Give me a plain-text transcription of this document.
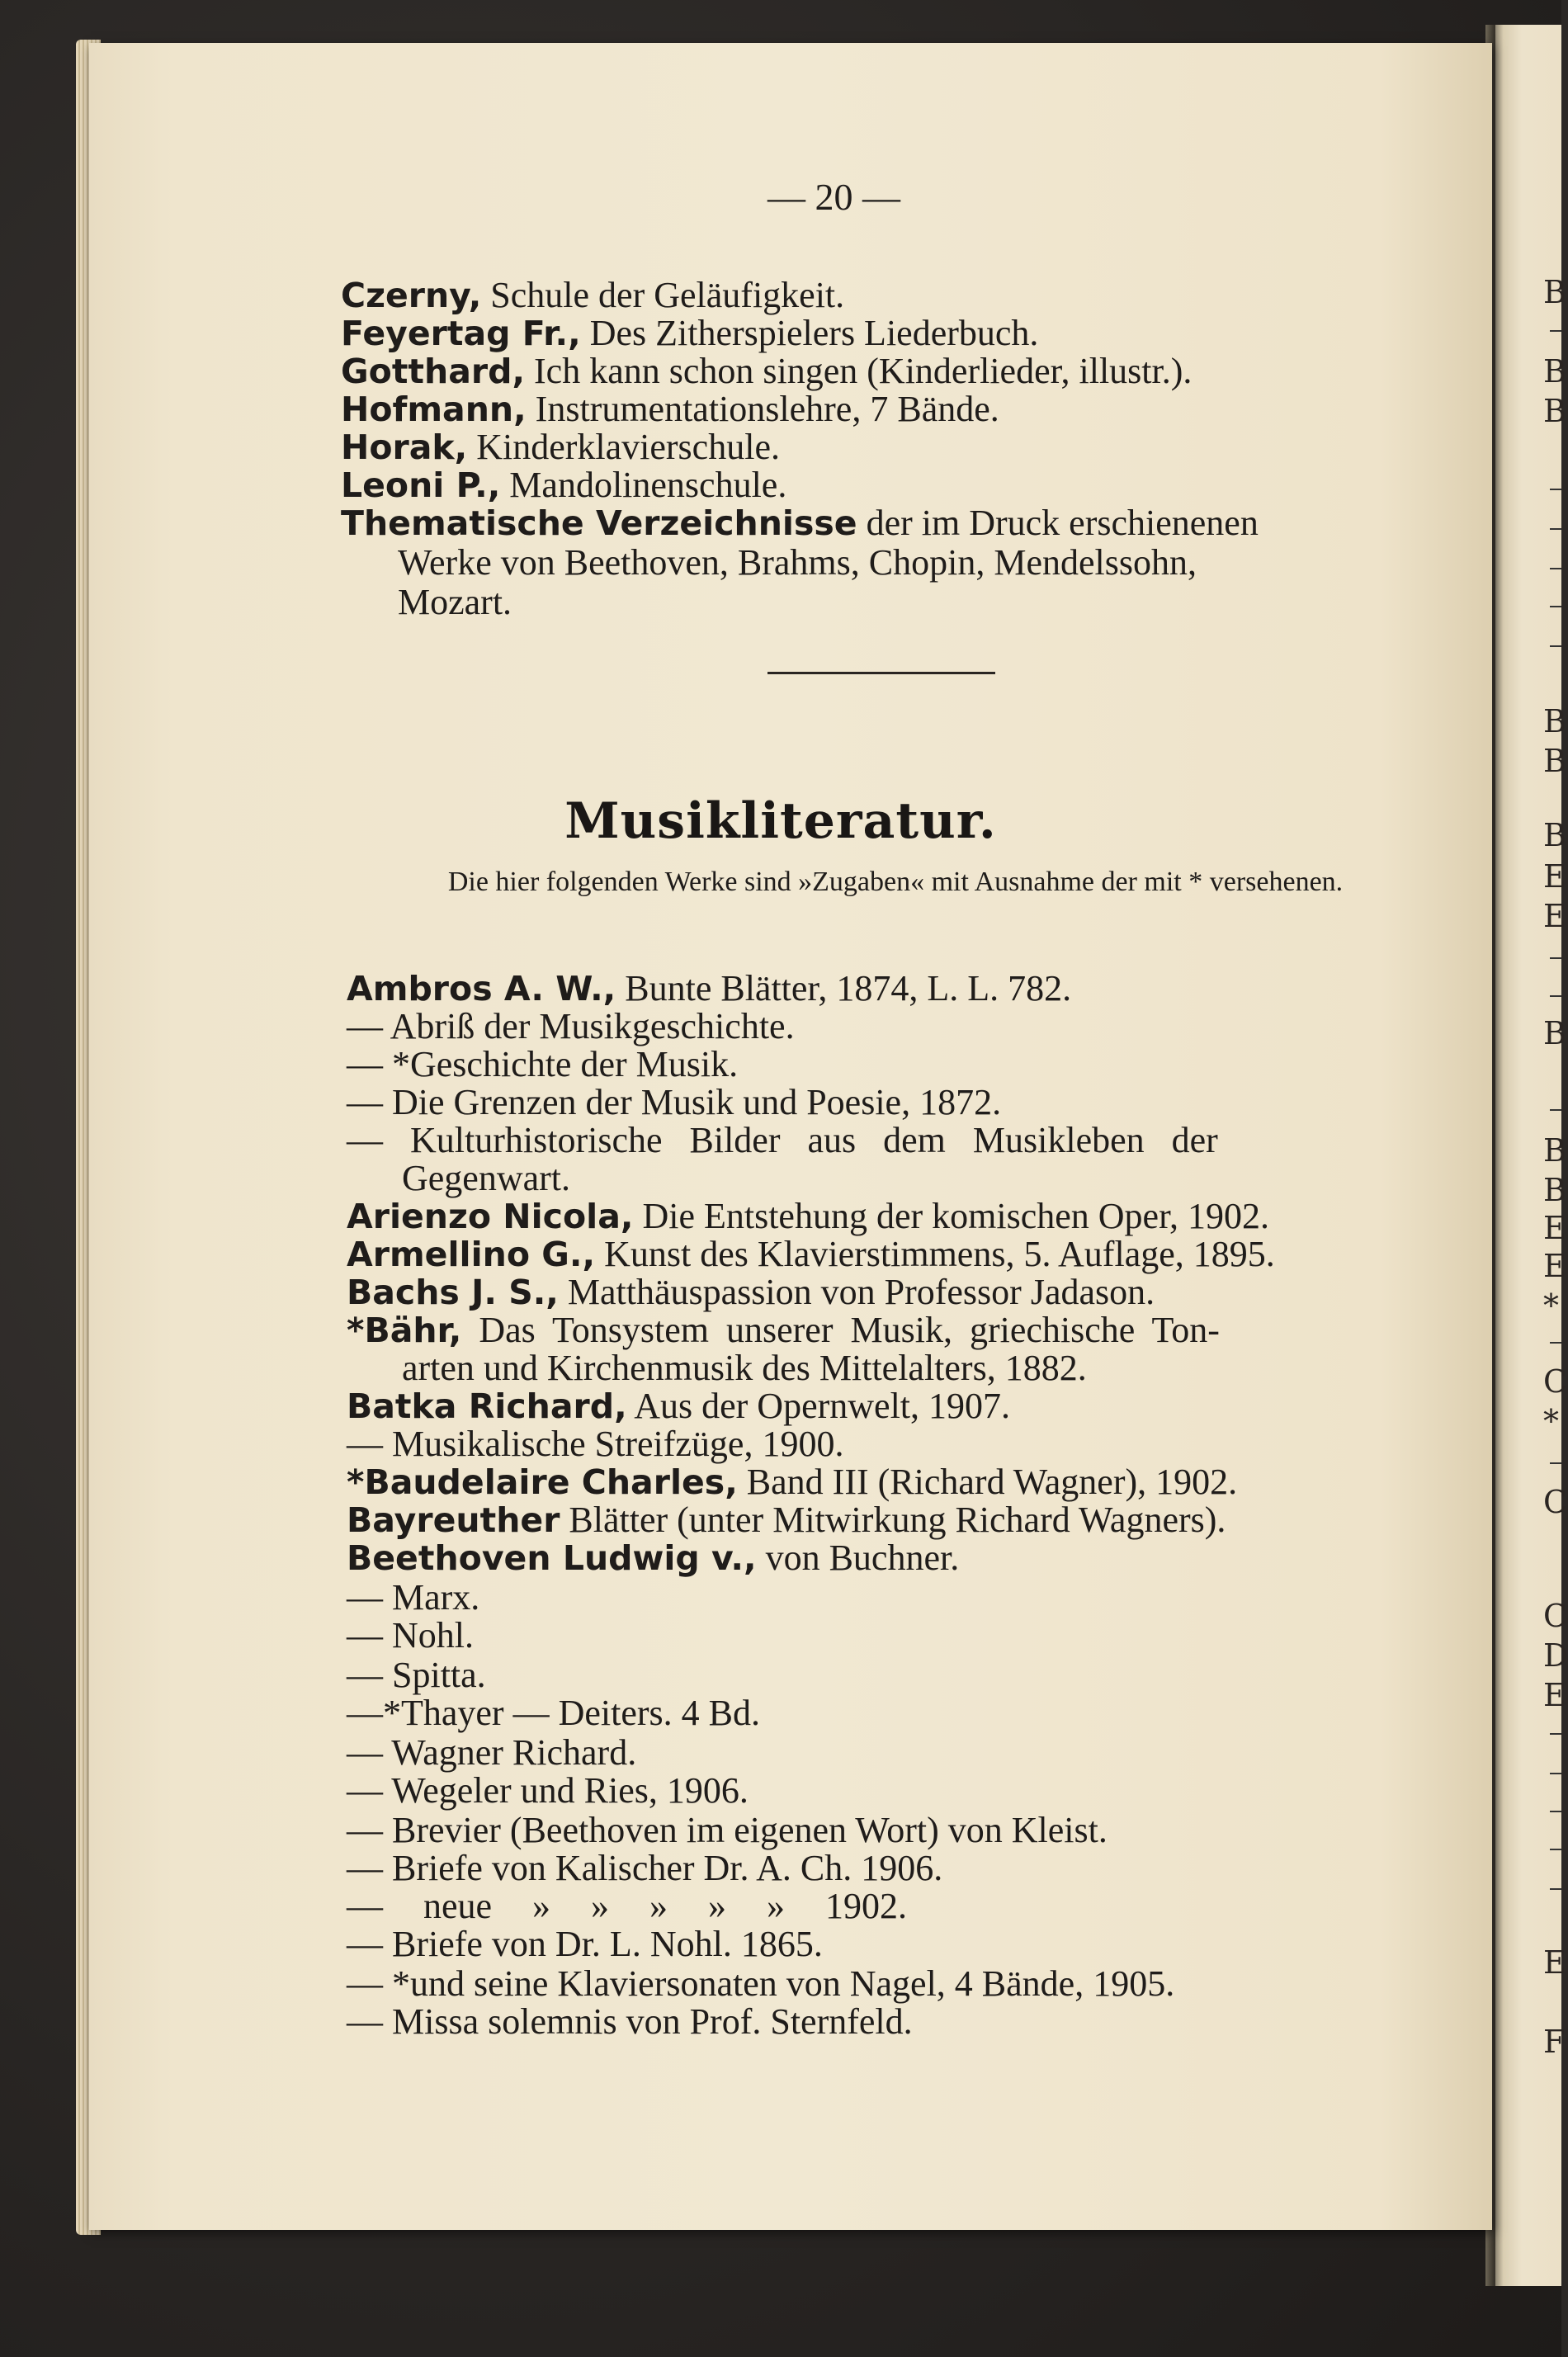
B
B
B
B
B
B
E
E
B
B
B
E
E
*
C
*
C
C
D
E
E
F
— 20 —
Czerny, Schule der Geläufigkeit.
Feyertag Fr., Des Zitherspielers Liederbuch.
Gotthard, Ich kann schon singen (Kinderlieder, illustr.).
Hofmann, Instrumentationslehre, 7 Bände.
Horak, Kinderklavierschule.
Leoni P., Mandolinenschule.
Thematische Verzeichnisse der im Druck erschienenen
Werke von Beethoven, Brahms, Chopin, Mendelssohn,
Mozart.
Musikliteratur.
Die hier folgenden Werke sind »Zugaben« mit Ausnahme der mit * versehenen.
Ambros A. W., Bunte Blätter, 1874, L. L. 782.
— Abriß der Musikgeschichte.
— *Geschichte der Musik.
— Die Grenzen der Musik und Poesie, 1872.
— Kulturhistorische Bilder aus dem Musikleben der
Gegenwart.
Arienzo Nicola, Die Entstehung der komischen Oper, 1902.
Armellino G., Kunst des Klavierstimmens, 5. Auflage, 1895.
Bachs J. S., Matthäuspassion von Professor Jadason.
*Bähr, Das Tonsystem unserer Musik, griechische Ton-
arten und Kirchenmusik des Mittelalters, 1882.
Batka Richard, Aus der Opernwelt, 1907.
— Musikalische Streifzüge, 1900.
*Baudelaire Charles, Band III (Richard Wagner), 1902.
Bayreuther Blätter (unter Mitwirkung Richard Wagners).
Beethoven Ludwig v., von Buchner.
— Marx.
— Nohl.
— Spitta.
—*Thayer — Deiters. 4 Bd.
— Wagner Richard.
— Wegeler und Ries, 1906.
— Brevier (Beethoven im eigenen Wort) von Kleist.
— Briefe von Kalischer Dr. A. Ch. 1906.
— neue » » » » » 1902.
— Briefe von Dr. L. Nohl. 1865.
— *und seine Klaviersonaten von Nagel, 4 Bände, 1905.
— Missa solemnis von Prof. Sternfeld.
